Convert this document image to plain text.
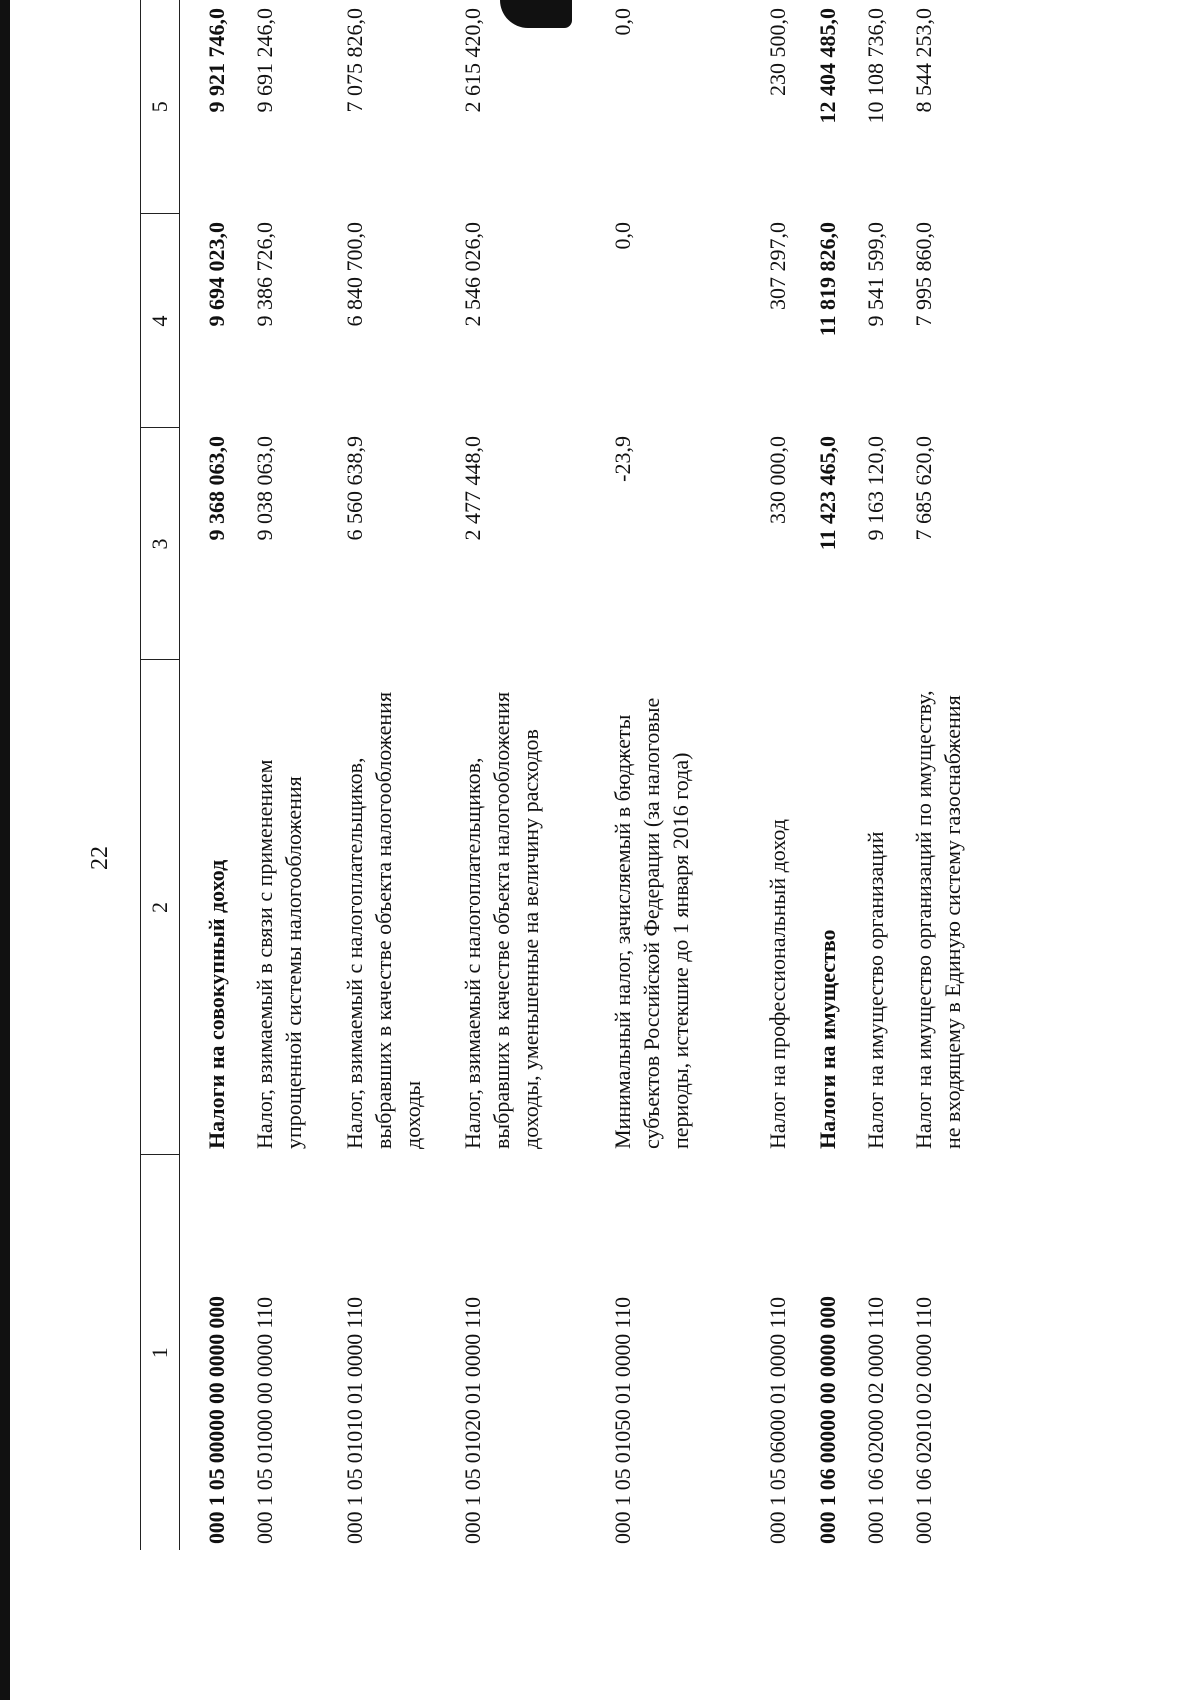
22
1	2	3	4	5
000 1 05 00000 00 0000 000	Налоги на совокупный доход	9 368 063,0	9 694 023,0	9 921 746,0
000 1 05 01000 00 0000 110	Налог, взимаемый в связи с применением упрощенной системы налогообложения	9 038 063,0	9 386 726,0	9 691 246,0
000 1 05 01010 01 0000 110	Налог, взимаемый с налогоплательщиков, выбравших в качестве объекта налогообложения доходы	6 560 638,9	6 840 700,0	7 075 826,0
000 1 05 01020 01 0000 110	Налог, взимаемый с налогоплательщиков, выбравших в качестве объекта налогообложения доходы, уменьшенные на величину расходов	2 477 448,0	2 546 026,0	2 615 420,0
000 1 05 01050 01 0000 110	Минимальный налог, зачисляемый в бюджеты субъектов Российской Федерации (за налоговые периоды, истекшие до 1 января 2016 года)	-23,9	0,0	0,0
000 1 05 06000 01 0000 110	Налог на профессиональный доход	330 000,0	307 297,0	230 500,0
000 1 06 00000 00 0000 000	Налоги на имущество	11 423 465,0	11 819 826,0	12 404 485,0
000 1 06 02000 02 0000 110	Налог на имущество организаций	9 163 120,0	9 541 599,0	10 108 736,0
000 1 06 02010 02 0000 110	Налог на имущество организаций по имуществу, не входящему в Единую систему газоснабжения	7 685 620,0	7 995 860,0	8 544 253,0
